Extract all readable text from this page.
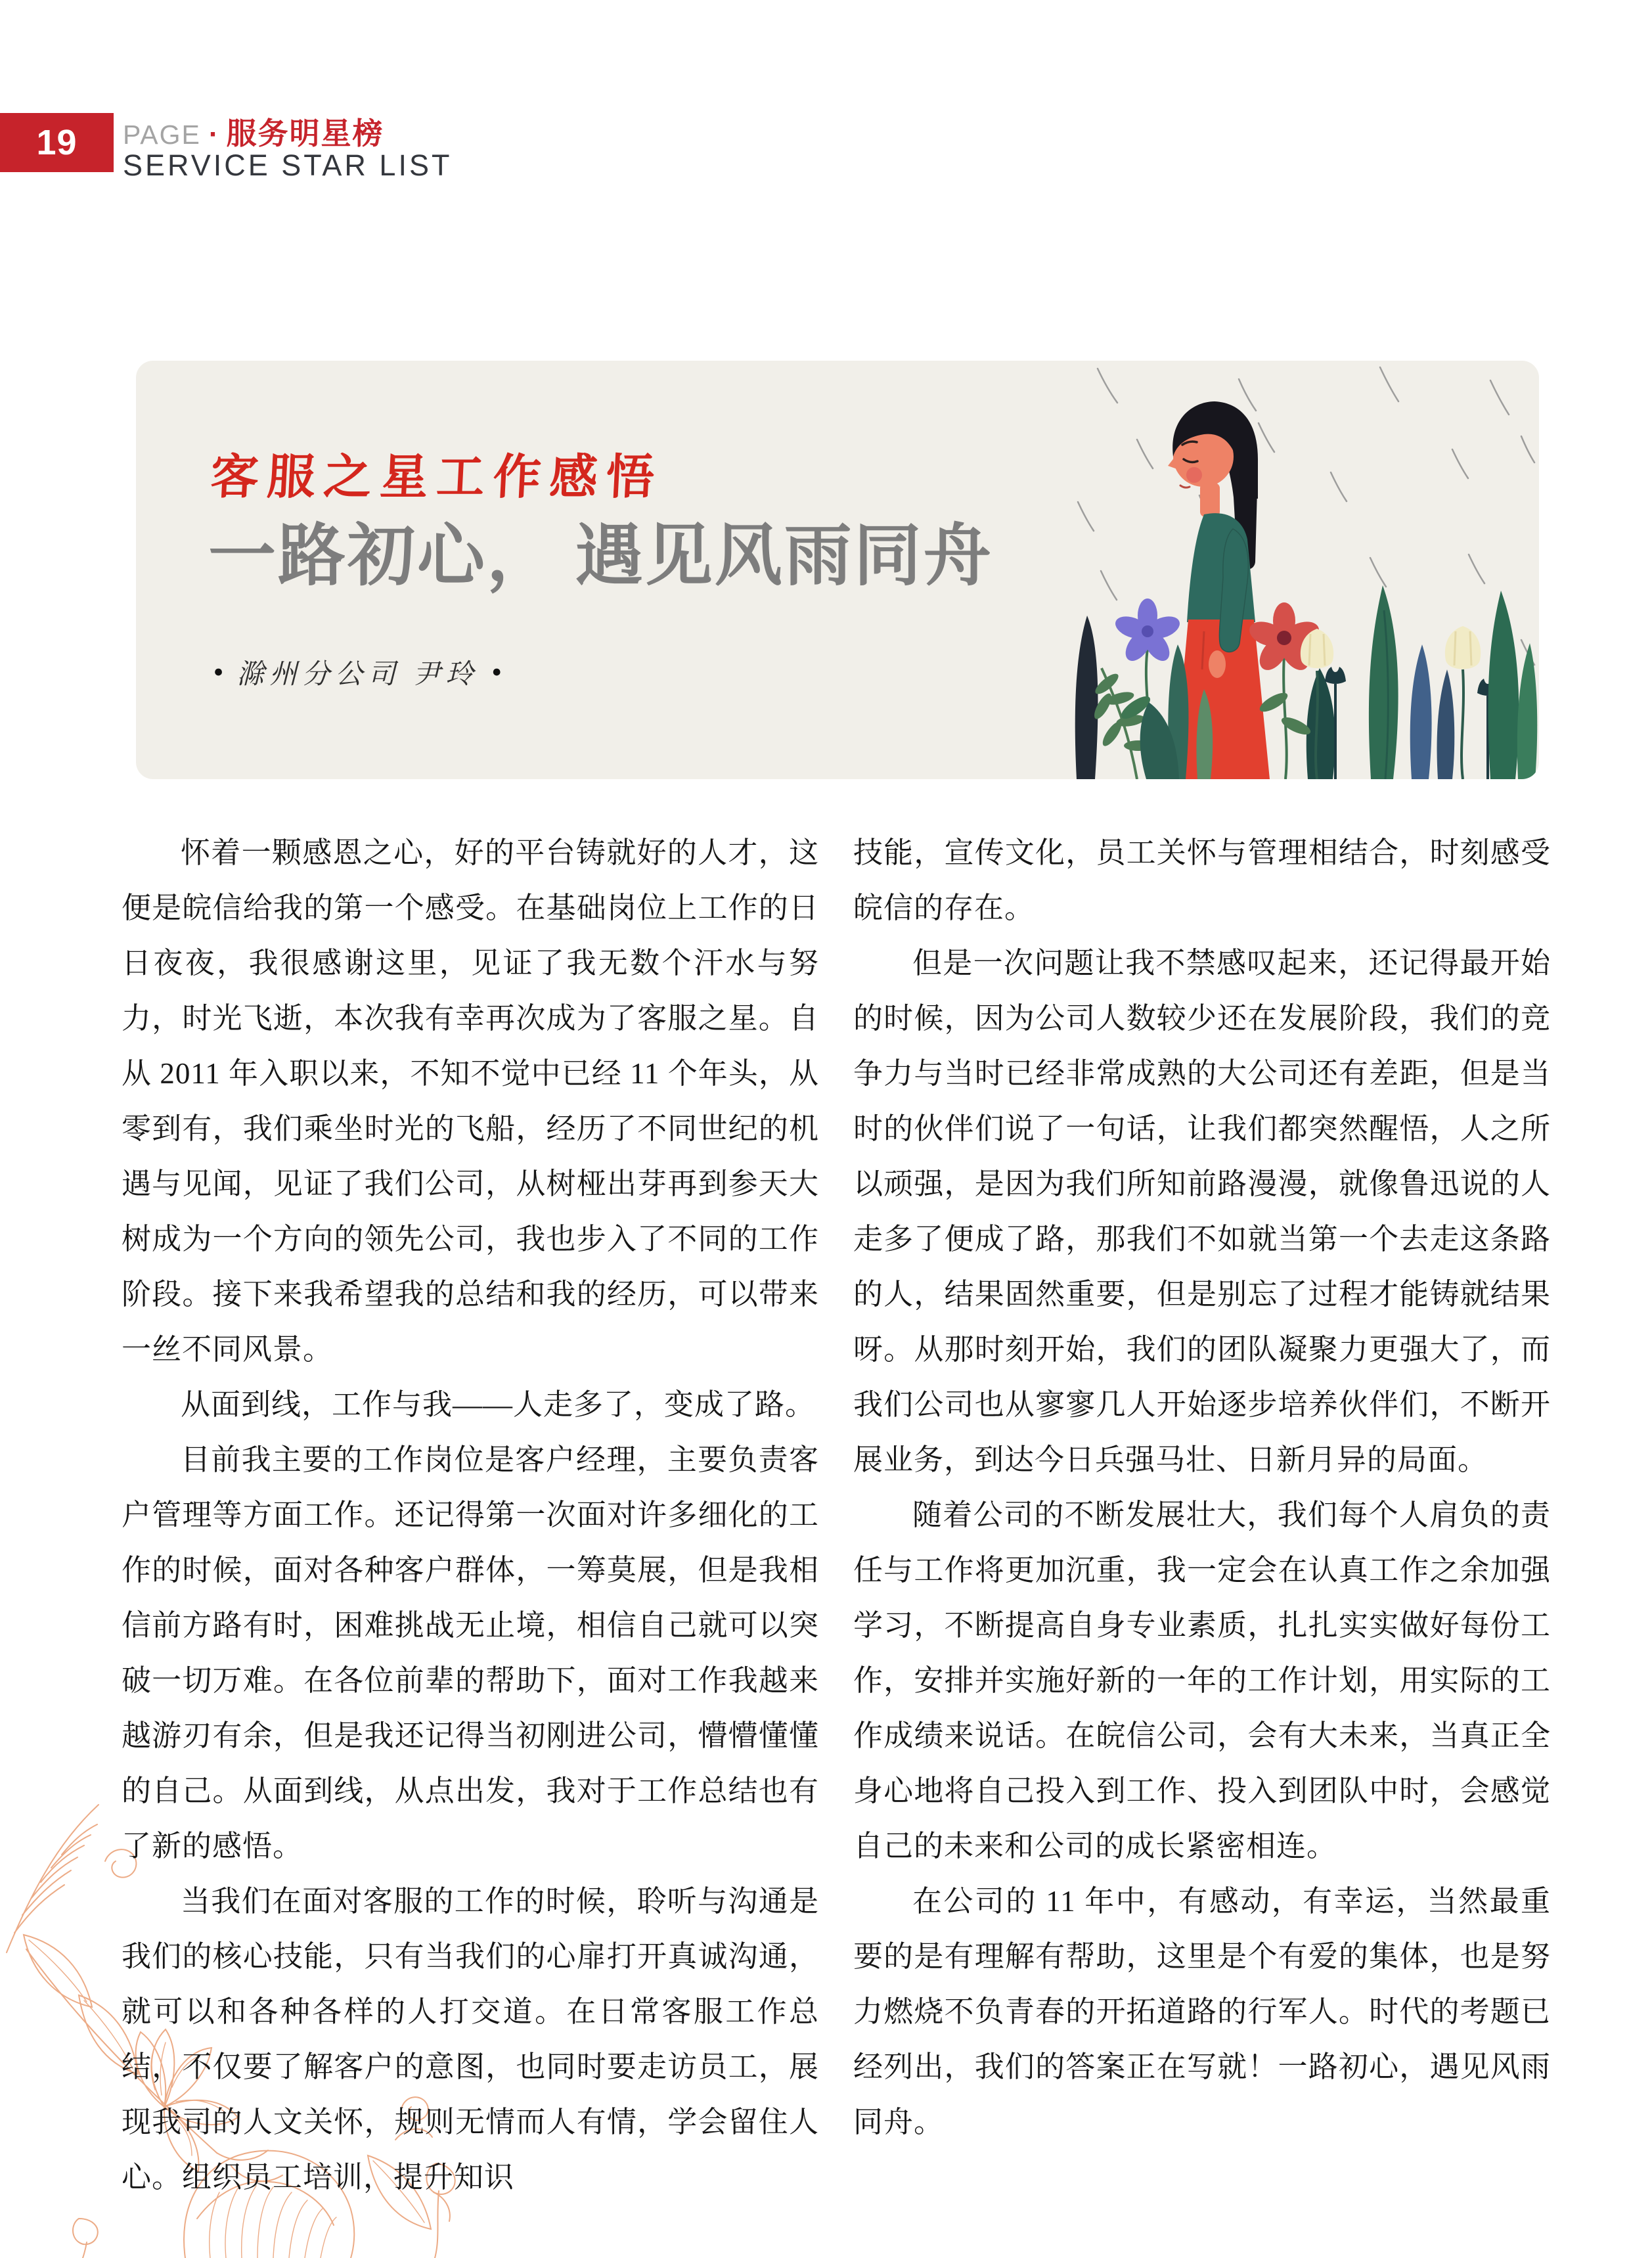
19	PAGE · 服务明星榜
SERVICE STAR LIST
客服之星工作感悟
一路初心， 遇见风雨同舟
● 滁州分公司 尹玲 ●

怀着一颗感恩之心，好的平台铸就好的人才，这便是皖信给我的第一个感受。在基础岗位上工作的日日夜夜，我很感谢这里，见证了我无数个汗水与努力，时光飞逝，本次我有幸再次成为了客服之星。自从 2011 年入职以来，不知不觉中已经 11 个年头，从零到有，我们乘坐时光的飞船，经历了不同世纪的机遇与见闻，见证了我们公司，从树桠出芽再到参天大树成为一个方向的领先公司，我也步入了不同的工作阶段。接下来我希望我的总结和我的经历，可以带来一丝不同风景。

从面到线，工作与我——人走多了，变成了路。

目前我主要的工作岗位是客户经理，主要负责客户管理等方面工作。还记得第一次面对许多细化的工作的时候，面对各种客户群体，一筹莫展，但是我相信前方路有时，困难挑战无止境，相信自己就可以突破一切万难。在各位前辈的帮助下，面对工作我越来越游刃有余，但是我还记得当初刚进公司，懵懵懂懂的自己。从面到线，从点出发，我对于工作总结也有了新的感悟。

当我们在面对客服的工作的时候，聆听与沟通是我们的核心技能，只有当我们的心扉打开真诚沟通，就可以和各种各样的人打交道。在日常客服工作总结，不仅要了解客户的意图，也同时要走访员工，展现我司的人文关怀，规则无情而人有情，学会留住人心。组织员工培训，提升知识

技能，宣传文化，员工关怀与管理相结合，时刻感受皖信的存在。

但是一次问题让我不禁感叹起来，还记得最开始的时候，因为公司人数较少还在发展阶段，我们的竞争力与当时已经非常成熟的大公司还有差距，但是当时的伙伴们说了一句话，让我们都突然醒悟，人之所以顽强，是因为我们所知前路漫漫，就像鲁迅说的人走多了便成了路，那我们不如就当第一个去走这条路的人，结果固然重要，但是别忘了过程才能铸就结果呀。从那时刻开始，我们的团队凝聚力更强大了，而我们公司也从寥寥几人开始逐步培养伙伴们，不断开展业务，到达今日兵强马壮、日新月异的局面。

随着公司的不断发展壮大，我们每个人肩负的责任与工作将更加沉重，我一定会在认真工作之余加强学习，不断提高自身专业素质，扎扎实实做好每份工作，安排并实施好新的一年的工作计划，用实际的工作成绩来说话。在皖信公司，会有大未来，当真正全身心地将自己投入到工作、投入到团队中时，会感觉自己的未来和公司的成长紧密相连。

在公司的 11 年中，有感动，有幸运，当然最重要的是有理解有帮助，这里是个有爱的集体，也是努力燃烧不负青春的开拓道路的行军人。时代的考题已经列出，我们的答案正在写就！一路初心，遇见风雨同舟。
